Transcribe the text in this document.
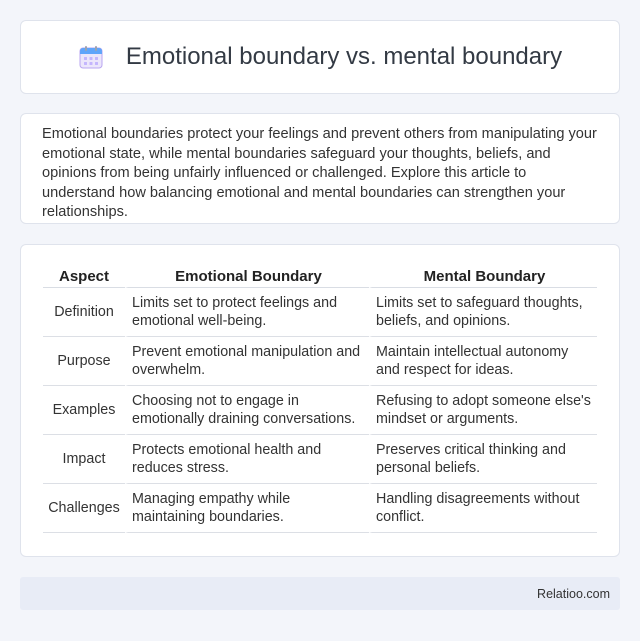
Emotional boundary vs. mental boundary

Emotional boundaries protect your feelings and prevent others from manipulating your emotional state, while mental boundaries safeguard your thoughts, beliefs, and opinions from being unfairly influenced or challenged. Explore this article to understand how balancing emotional and mental boundaries can strengthen your relationships.

Aspect	Emotional Boundary	Mental Boundary
Definition	Limits set to protect feelings and emotional well-being.	Limits set to safeguard thoughts, beliefs, and opinions.
Purpose	Prevent emotional manipulation and overwhelm.	Maintain intellectual autonomy and respect for ideas.
Examples	Choosing not to engage in emotionally draining conversations.	Refusing to adopt someone else's mindset or arguments.
Impact	Protects emotional health and reduces stress.	Preserves critical thinking and personal beliefs.
Challenges	Managing empathy while maintaining boundaries.	Handling disagreements without conflict.
Relatioo.com
